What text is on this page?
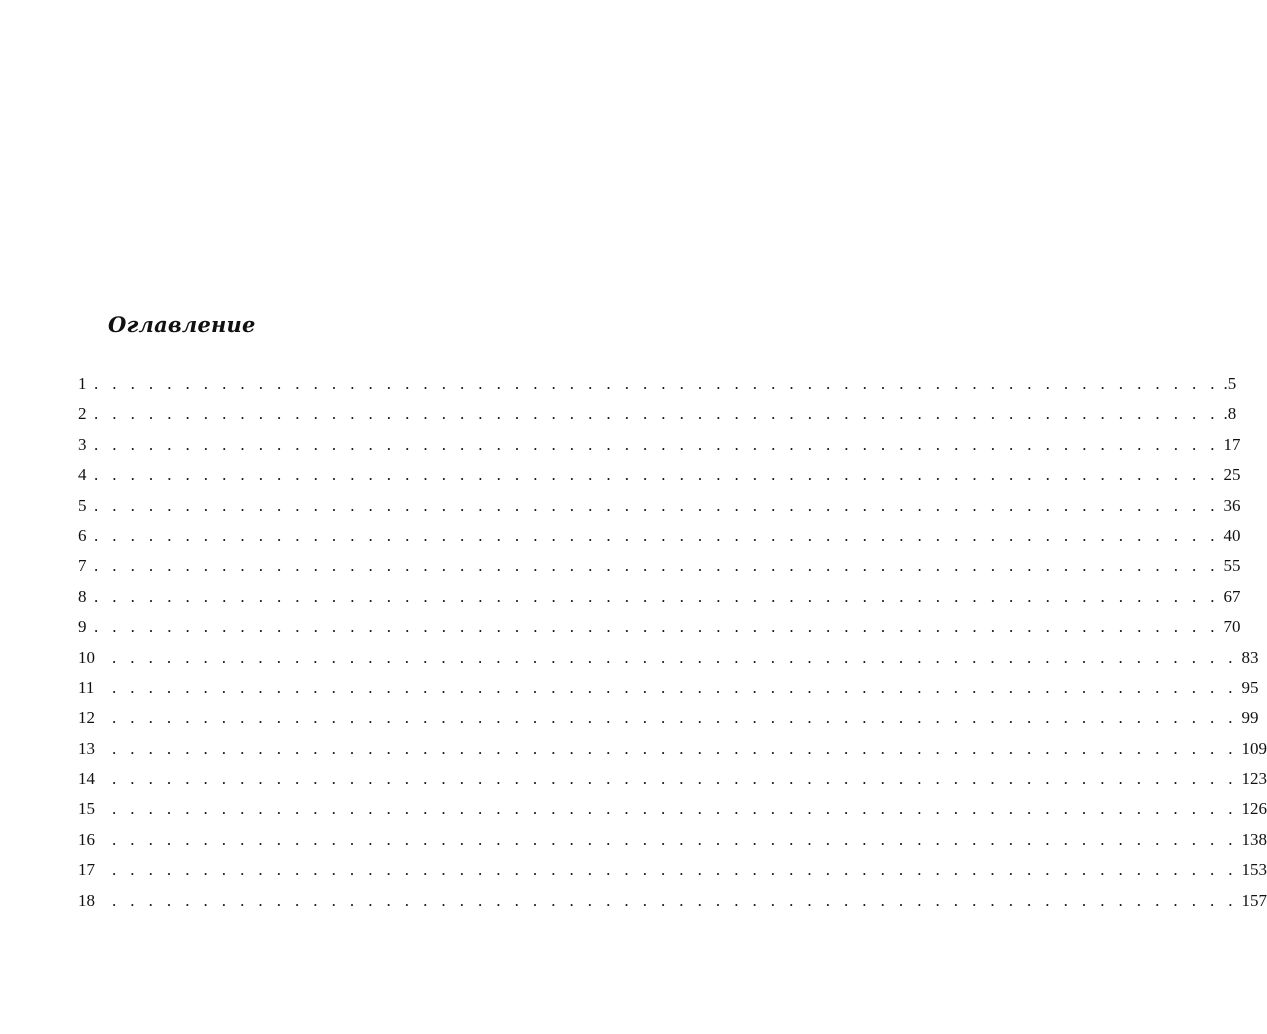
Оглавление
1 . . . . . . . . . . . . . . . . . . . . . . . . . . . . . . . . . . . . . . . . . . . . . . . . . . . . . . . . . . . . . . .5
2 . . . . . . . . . . . . . . . . . . . . . . . . . . . . . . . . . . . . . . . . . . . . . . . . . . . . . . . . . . . . . . .8
3 . . . . . . . . . . . . . . . . . . . . . . . . . . . . . . . . . . . . . . . . . . . . . . . . . . . . . . . . . . . . . . 17
4 . . . . . . . . . . . . . . . . . . . . . . . . . . . . . . . . . . . . . . . . . . . . . . . . . . . . . . . . . . . . . . 25
5 . . . . . . . . . . . . . . . . . . . . . . . . . . . . . . . . . . . . . . . . . . . . . . . . . . . . . . . . . . . . . . 36
6 . . . . . . . . . . . . . . . . . . . . . . . . . . . . . . . . . . . . . . . . . . . . . . . . . . . . . . . . . . . . . . 40
7 . . . . . . . . . . . . . . . . . . . . . . . . . . . . . . . . . . . . . . . . . . . . . . . . . . . . . . . . . . . . . . 55
8 . . . . . . . . . . . . . . . . . . . . . . . . . . . . . . . . . . . . . . . . . . . . . . . . . . . . . . . . . . . . . . 67
9 . . . . . . . . . . . . . . . . . . . . . . . . . . . . . . . . . . . . . . . . . . . . . . . . . . . . . . . . . . . . . . 70
10	. . . . . . . . . . . . . . . . . . . . . . . . . . . . . . . . . . . . . . . . . . . . . . . . . . . . . . . . . . . . . . 83
11	. . . . . . . . . . . . . . . . . . . . . . . . . . . . . . . . . . . . . . . . . . . . . . . . . . . . . . . . . . . . . . 95
12	. . . . . . . . . . . . . . . . . . . . . . . . . . . . . . . . . . . . . . . . . . . . . . . . . . . . . . . . . . . . . . 99
13	. . . . . . . . . . . . . . . . . . . . . . . . . . . . . . . . . . . . . . . . . . . . . . . . . . . . . . . . . . . . . . 109
14	. . . . . . . . . . . . . . . . . . . . . . . . . . . . . . . . . . . . . . . . . . . . . . . . . . . . . . . . . . . . . . 123
15	. . . . . . . . . . . . . . . . . . . . . . . . . . . . . . . . . . . . . . . . . . . . . . . . . . . . . . . . . . . . . . 126
16	. . . . . . . . . . . . . . . . . . . . . . . . . . . . . . . . . . . . . . . . . . . . . . . . . . . . . . . . . . . . . . 138
17	. . . . . . . . . . . . . . . . . . . . . . . . . . . . . . . . . . . . . . . . . . . . . . . . . . . . . . . . . . . . . . 153
18	. . . . . . . . . . . . . . . . . . . . . . . . . . . . . . . . . . . . . . . . . . . . . . . . . . . . . . . . . . . . . . 157
